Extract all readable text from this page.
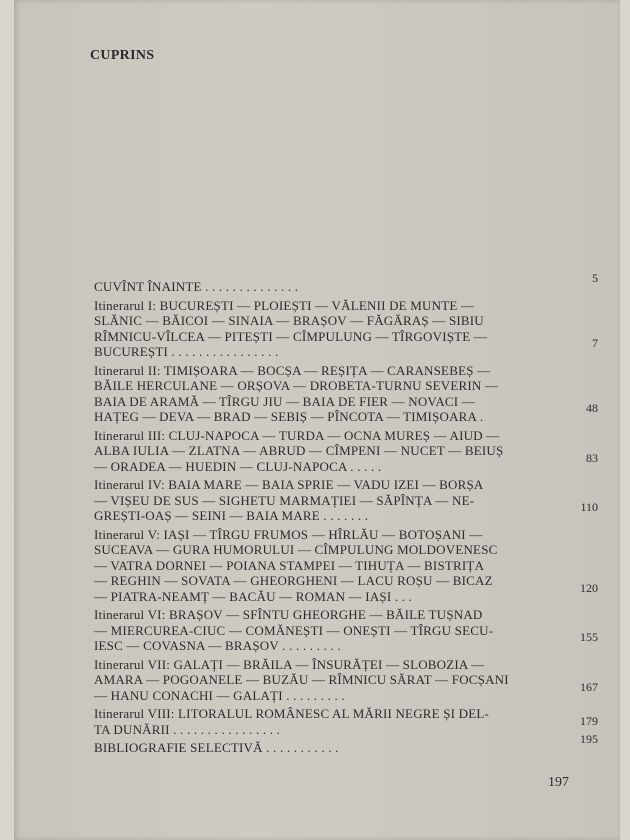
CUPRINS
CUVÎNT ÎNAINTE . . . . . . . . . . . . . .
5
Itinerarul I: BUCUREȘTI — PLOIEȘTI — VĂLENII DE MUNTE —
SLĂNIC — BĂICOI — SINAIA — BRAȘOV — FĂGĂRAȘ — SIBIU
RÎMNICU-VÎLCEA — PITEȘTI — CÎMPULUNG — TÎRGOVIȘTE —
BUCUREȘTI . . . . . . . . . . . . . . . .
7
Itinerarul II: TIMIȘOARA — BOCȘA — REȘIȚA — CARANSEBEȘ —
BĂILE HERCULANE — ORȘOVA — DROBETA-TURNU SEVERIN —
BAIA DE ARAMĂ — TÎRGU JIU — BAIA DE FIER — NOVACI —
HAȚEG — DEVA — BRAD — SEBIȘ — PÎNCOTA — TIMIȘOARA .
48
Itinerarul III: CLUJ-NAPOCA — TURDA — OCNA MUREȘ — AIUD —
ALBA IULIA — ZLATNA — ABRUD — CÎMPENI — NUCET — BEIUȘ
— ORADEA — HUEDIN — CLUJ-NAPOCA . . . . .
83
Itinerarul IV: BAIA MARE — BAIA SPRIE — VADU IZEI — BORȘA
— VIȘEU DE SUS — SIGHETU MARMAȚIEI — SĂPÎNȚA — NE-
GREȘTI-OAȘ — SEINI — BAIA MARE . . . . . . .
110
Itinerarul V: IAȘI — TÎRGU FRUMOS — HÎRLĂU — BOTOȘANI —
SUCEAVA — GURA HUMORULUI — CÎMPULUNG MOLDOVENESC
— VATRA DORNEI — POIANA STAMPEI — TIHUȚA — BISTRIȚA
— REGHIN — SOVATA — GHEORGHENI — LACU ROȘU — BICAZ
— PIATRA-NEAMȚ — BACĂU — ROMAN — IAȘI . . .
120
Itinerarul VI: BRAȘOV — SFÎNTU GHEORGHE — BĂILE TUȘNAD
— MIERCUREA-CIUC — COMĂNEȘTI — ONEȘTI — TÎRGU SECU-
IESC — COVASNA — BRAȘOV . . . . . . . . .
155
Itinerarul VII: GALAȚI — BRĂILA — ÎNSURĂȚEI — SLOBOZIA —
AMARA — POGOANELE — BUZĂU — RÎMNICU SĂRAT — FOCȘANI
— HANU CONACHI — GALAȚI . . . . . . . . .
167
Itinerarul VIII: LITORALUL ROMÂNESC AL MĂRII NEGRE ȘI DEL-
TA DUNĂRII . . . . . . . . . . . . . . . .
179
BIBLIOGRAFIE SELECTIVĂ . . . . . . . . . . .
195
197
